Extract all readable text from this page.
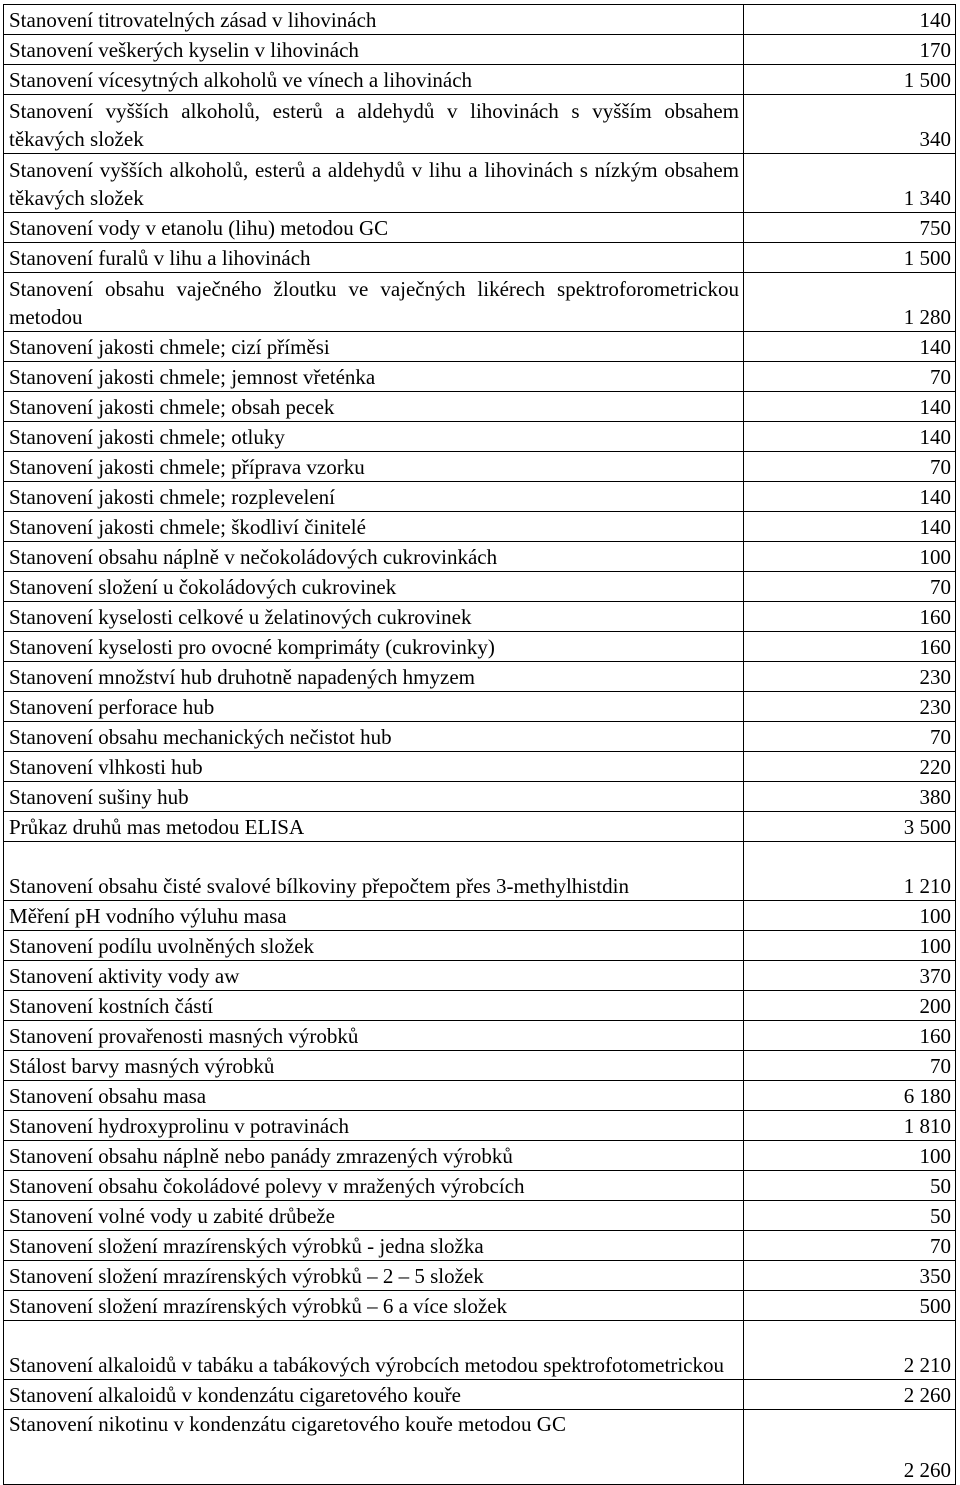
Stanovení titrovatelných zásad v lihovinách	140
Stanovení veškerých kyselin v lihovinách	170
Stanovení vícesytných alkoholů ve vínech a lihovinách	1 500
Stanovení vyšších alkoholů, esterů a aldehydů v lihovinách s vyšším obsahem těkavých složek	340
Stanovení vyšších alkoholů, esterů a aldehydů v lihu a lihovinách s nízkým obsahem těkavých složek	1 340
Stanovení vody v etanolu (lihu) metodou GC	750
Stanovení furalů v lihu a lihovinách	1 500
Stanovení obsahu vaječného žloutku ve vaječných likérech spektroforometrickou metodou	1 280
Stanovení jakosti chmele; cizí příměsi	140
Stanovení jakosti chmele; jemnost vřeténka	70
Stanovení jakosti chmele; obsah pecek	140
Stanovení jakosti chmele; otluky	140
Stanovení jakosti chmele; příprava vzorku	70
Stanovení jakosti chmele; rozplevelení	140
Stanovení jakosti chmele; škodliví činitelé	140
Stanovení obsahu náplně v nečokoládových cukrovinkách	100
Stanovení složení u čokoládových cukrovinek	70
Stanovení kyselosti celkové u želatinových cukrovinek	160
Stanovení kyselosti pro ovocné komprimáty (cukrovinky)	160
Stanovení množství hub druhotně napadených hmyzem	230
Stanovení perforace hub	230
Stanovení obsahu mechanických nečistot hub	70
Stanovení vlhkosti hub	220
Stanovení sušiny hub	380
Průkaz druhů mas metodou ELISA	3 500
Stanovení obsahu čisté svalové bílkoviny přepočtem přes 3-methylhistdin	1 210
Měření pH vodního výluhu masa	100
Stanovení podílu uvolněných složek	100
Stanovení aktivity vody aw	370
Stanovení kostních částí	200
Stanovení provařenosti masných výrobků	160
Stálost barvy masných výrobků	70
Stanovení obsahu masa	6 180
Stanovení hydroxyprolinu v potravinách	1 810
Stanovení obsahu náplně nebo panády zmrazených výrobků	100
Stanovení obsahu čokoládové polevy v mražených výrobcích	50
Stanovení volné vody u zabité drůbeže	50
Stanovení složení mrazírenských výrobků - jedna složka	70
Stanovení složení mrazírenských výrobků – 2 – 5 složek	350
Stanovení složení mrazírenských výrobků – 6 a více složek	500
Stanovení alkaloidů v tabáku a tabákových výrobcích metodou spektrofotometrickou	2 210
Stanovení alkaloidů v kondenzátu cigaretového kouře	2 260
Stanovení nikotinu v kondenzátu cigaretového kouře metodou GC	2 260
